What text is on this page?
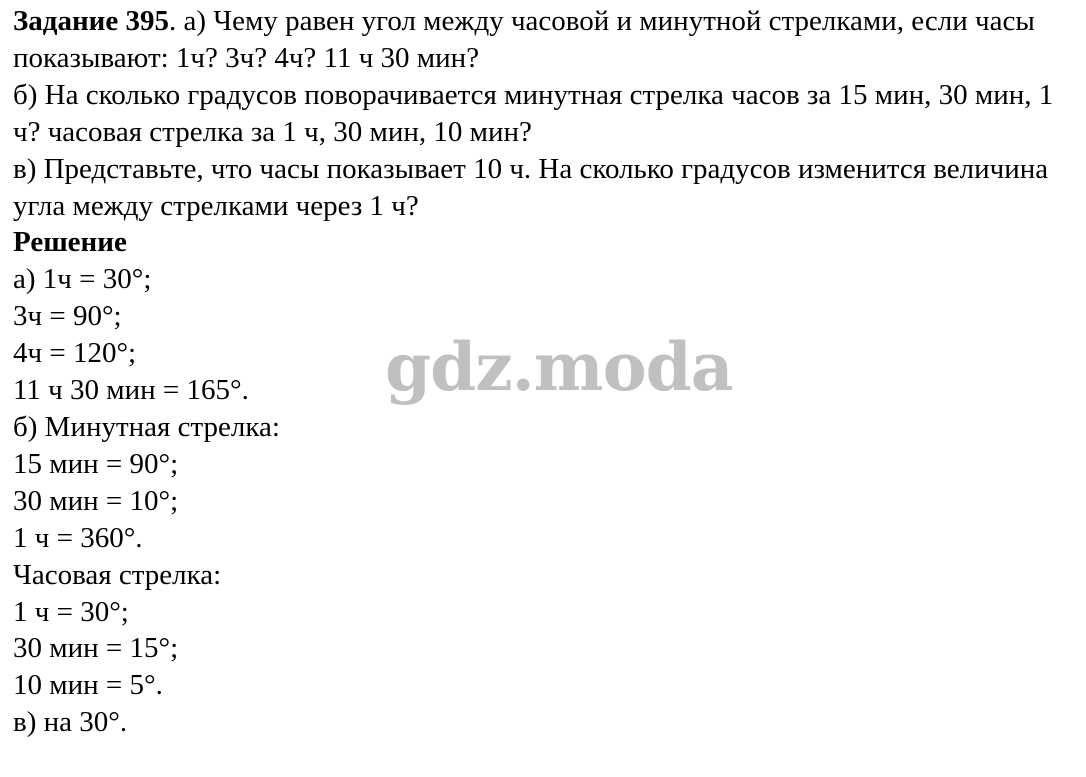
Задание 395. а) Чему равен угол между часовой и минутной стрелками, если часы показывают: 1ч? 3ч? 4ч? 11 ч 30 мин?
б) На сколько градусов поворачивается минутная стрелка часов за 15 мин, 30 мин, 1 ч? часовая стрелка за 1 ч, 30 мин, 10 мин?
в) Представьте, что часы показывает 10 ч. На сколько градусов изменится величина угла между стрелками через 1 ч?
Решение
а) 1ч = 30°;
3ч = 90°;
4ч = 120°;
11 ч 30 мин = 165°.
б) Минутная стрелка:
15 мин = 90°;
30 мин = 10°;
1 ч = 360°.
Часовая стрелка:
1 ч = 30°;
30 мин = 15°;
10 мин = 5°.
в) на 30°.
gdz.moda
